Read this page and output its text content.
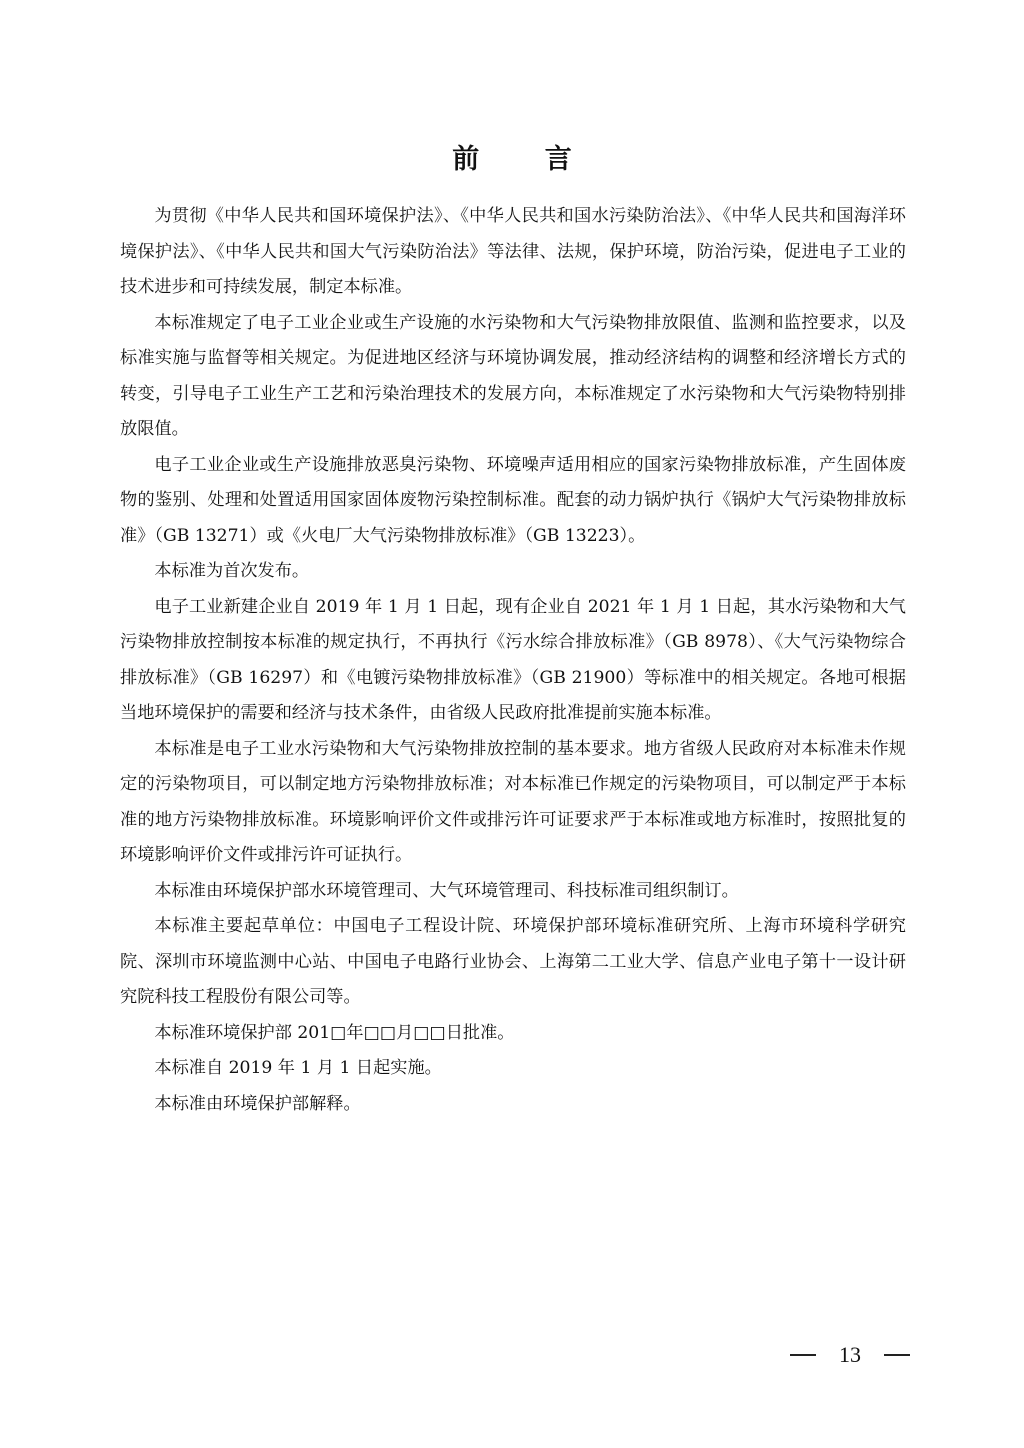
前 言

为贯彻《中华人民共和国环境保护法》、《中华人民共和国水污染防治法》、《中华人民共和国海洋环境保护法》、《中华人民共和国大气污染防治法》等法律、法规，保护环境，防治污染，促进电子工业的技术进步和可持续发展，制定本标准。

本标准规定了电子工业企业或生产设施的水污染物和大气污染物排放限值、监测和监控要求，以及标准实施与监督等相关规定。为促进地区经济与环境协调发展，推动经济结构的调整和经济增长方式的转变，引导电子工业生产工艺和污染治理技术的发展方向，本标准规定了水污染物和大气污染物特别排放限值。

电子工业企业或生产设施排放恶臭污染物、环境噪声适用相应的国家污染物排放标准，产生固体废物的鉴别、处理和处置适用国家固体废物污染控制标准。配套的动力锅炉执行《锅炉大气污染物排放标准》（GB 13271）或《火电厂大气污染物排放标准》（GB 13223）。

本标准为首次发布。

电子工业新建企业自 2019 年 1 月 1 日起，现有企业自 2021 年 1 月 1 日起，其水污染物和大气污染物排放控制按本标准的规定执行，不再执行《污水综合排放标准》（GB 8978）、《大气污染物综合排放标准》（GB 16297）和《电镀污染物排放标准》（GB 21900）等标准中的相关规定。各地可根据当地环境保护的需要和经济与技术条件，由省级人民政府批准提前实施本标准。

本标准是电子工业水污染物和大气污染物排放控制的基本要求。地方省级人民政府对本标准未作规定的污染物项目，可以制定地方污染物排放标准；对本标准已作规定的污染物项目，可以制定严于本标准的地方污染物排放标准。环境影响评价文件或排污许可证要求严于本标准或地方标准时，按照批复的环境影响评价文件或排污许可证执行。

本标准由环境保护部水环境管理司、大气环境管理司、科技标准司组织制订。

本标准主要起草单位：中国电子工程设计院、环境保护部环境标准研究所、上海市环境科学研究院、深圳市环境监测中心站、中国电子电路行业协会、上海第二工业大学、信息产业电子第十一设计研究院科技工程股份有限公司等。

本标准环境保护部 201□年□□月□□日批准。

本标准自 2019 年 1 月 1 日起实施。

本标准由环境保护部解释。

13
